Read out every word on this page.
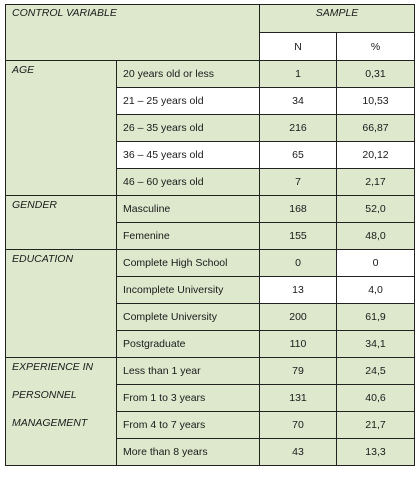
CONTROL VARIABLE		SAMPLE	
		N	%
AGE	20 years old or less	1	0,31
	21 – 25 years old	34	10,53
	26 – 35 years old	216	66,87
	36 – 45 years old	65	20,12
	46 – 60 years old	7	2,17
GENDER	Masculine	168	52,0
	Femenine	155	48,0
EDUCATION	Complete High School	0	0
	Incomplete University	13	4,0
	Complete University	200	61,9
	Postgraduate	110	34,1

EXPERIENCE IN
PERSONNEL
MANAGEMENT	Less than 1 year	79	24,5
	From 1 to 3 years	131	40,6
	From 4 to 7 years	70	21,7
	More than 8 years	43	13,3
